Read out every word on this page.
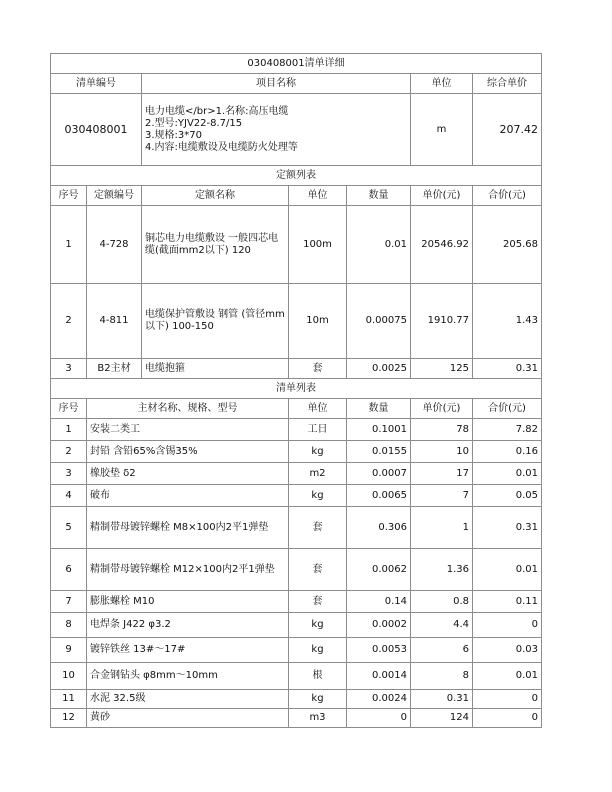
030408001清单详细						
清单编号		项目名称			单位	综合单价
030408001		电力电缆</br>1.名称:高压电缆
2.型号:YJV22-8.7/15
3.规格:3*70
4.内容:电缆敷设及电缆防火处理等			m	207.42
定额列表						
序号	定额编号	定额名称	单位	数量	单价(元)	合价(元)
1	4-728	铜芯电力电缆敷设 一般四芯电缆(截面mm2以下) 120	100m	0.01	20546.92	205.68
2	4-811	电缆保护管敷设 钢管 (管径mm以下) 100-150	10m	0.00075	1910.77	1.43
3	B2主材	电缆抱箍	套	0.0025	125	0.31
清单列表						
序号	主材名称、规格、型号		单位	数量	单价(元)	合价(元)
1	安装二类工		工日	0.1001	78	7.82
2	封铅 含铅65%含锡35%		kg	0.0155	10	0.16
3	橡胶垫 δ2		m2	0.0007	17	0.01
4	破布		kg	0.0065	7	0.05
5	精制带母镀锌螺栓 M8×100内2平1弹垫		套	0.306	1	0.31
6	精制带母镀锌螺栓 M12×100内2平1弹垫		套	0.0062	1.36	0.01
7	膨胀螺栓 M10		套	0.14	0.8	0.11
8	电焊条 J422 φ3.2		kg	0.0002	4.4	0
9	镀锌铁丝 13#～17#		kg	0.0053	6	0.03
10	合金钢钻头 φ8mm～10mm		根	0.0014	8	0.01
11	水泥 32.5级		kg	0.0024	0.31	0
12	黄砂		m3	0	124	0
